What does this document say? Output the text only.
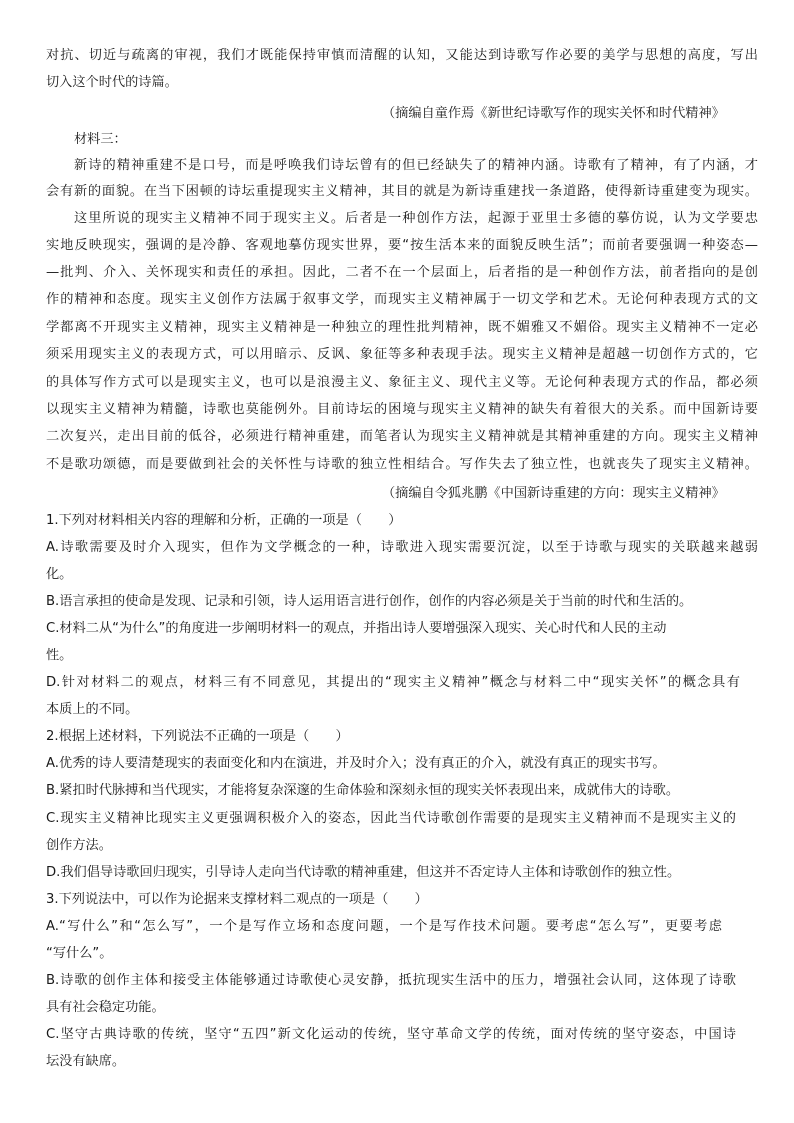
对抗、切近与疏离的审视，我们才既能保持审慎而清醒的认知，又能达到诗歌写作必要的美学与思想的高度，写出
切入这个时代的诗篇。
（摘编自童作焉《新世纪诗歌写作的现实关怀和时代精神》
材料三：
新诗的精神重建不是口号，而是呼唤我们诗坛曾有的但已经缺失了的精神内涵。诗歌有了精神，有了内涵，才
会有新的面貌。在当下困顿的诗坛重提现实主义精神，其目的就是为新诗重建找一条道路，使得新诗重建变为现实。
这里所说的现实主义精神不同于现实主义。后者是一种创作方法，起源于亚里士多德的摹仿说，认为文学要忠
实地反映现实，强调的是冷静、客观地摹仿现实世界，要“按生活本来的面貌反映生活”；而前者要强调一种姿态—
—批判、介入、关怀现实和责任的承担。因此，二者不在一个层面上，后者指的是一种创作方法，前者指向的是创
作的精神和态度。现实主义创作方法属于叙事文学，而现实主义精神属于一切文学和艺术。无论何种表现方式的文
学都离不开现实主义精神，现实主义精神是一种独立的理性批判精神，既不媚雅又不媚俗。现实主义精神不一定必
须采用现实主义的表现方式，可以用暗示、反讽、象征等多种表现手法。现实主义精神是超越一切创作方式的，它
的具体写作方式可以是现实主义，也可以是浪漫主义、象征主义、现代主义等。无论何种表现方式的作品，都必须
以现实主义精神为精髓，诗歌也莫能例外。目前诗坛的困境与现实主义精神的缺失有着很大的关系。而中国新诗要
二次复兴，走出目前的低谷，必须进行精神重建，而笔者认为现实主义精神就是其精神重建的方向。现实主义精神
不是歌功颂德，而是要做到社会的关怀性与诗歌的独立性相结合。写作失去了独立性，也就丧失了现实主义精神。
（摘编自令狐兆鹏《中国新诗重建的方向：现实主义精神》
1.下列对材料相关内容的理解和分析，正确的一项是（　　）
A.诗歌需要及时介入现实，但作为文学概念的一种，诗歌进入现实需要沉淀，以至于诗歌与现实的关联越来越弱
化。
B.语言承担的使命是发现、记录和引领，诗人运用语言进行创作，创作的内容必须是关于当前的时代和生活的。
C.材料二从“为什么”的角度进一步阐明材料一的观点，并指出诗人要增强深入现实、关心时代和人民的主动
性。
D.针对材料二的观点，材料三有不同意见，其提出的“现实主义精神”概念与材料二中“现实关怀”的概念具有
本质上的不同。
2.根据上述材料，下列说法不正确的一项是（　　）
A.优秀的诗人要清楚现实的表面变化和内在演进，并及时介入；没有真正的介入，就没有真正的现实书写。
B.紧扣时代脉搏和当代现实，才能将复杂深邃的生命体验和深刻永恒的现实关怀表现出来，成就伟大的诗歌。
C.现实主义精神比现实主义更强调积极介入的姿态，因此当代诗歌创作需要的是现实主义精神而不是现实主义的
创作方法。
D.我们倡导诗歌回归现实，引导诗人走向当代诗歌的精神重建，但这并不否定诗人主体和诗歌创作的独立性。
3.下列说法中，可以作为论据来支撑材料二观点的一项是（　　）
A.“写什么”和“怎么写”，一个是写作立场和态度问题，一个是写作技术问题。要考虑“怎么写”，更要考虑
“写什么”。
B.诗歌的创作主体和接受主体能够通过诗歌使心灵安静，抵抗现实生活中的压力，增强社会认同，这体现了诗歌
具有社会稳定功能。
C.坚守古典诗歌的传统，坚守“五四”新文化运动的传统，坚守革命文学的传统，面对传统的坚守姿态，中国诗
坛没有缺席。
